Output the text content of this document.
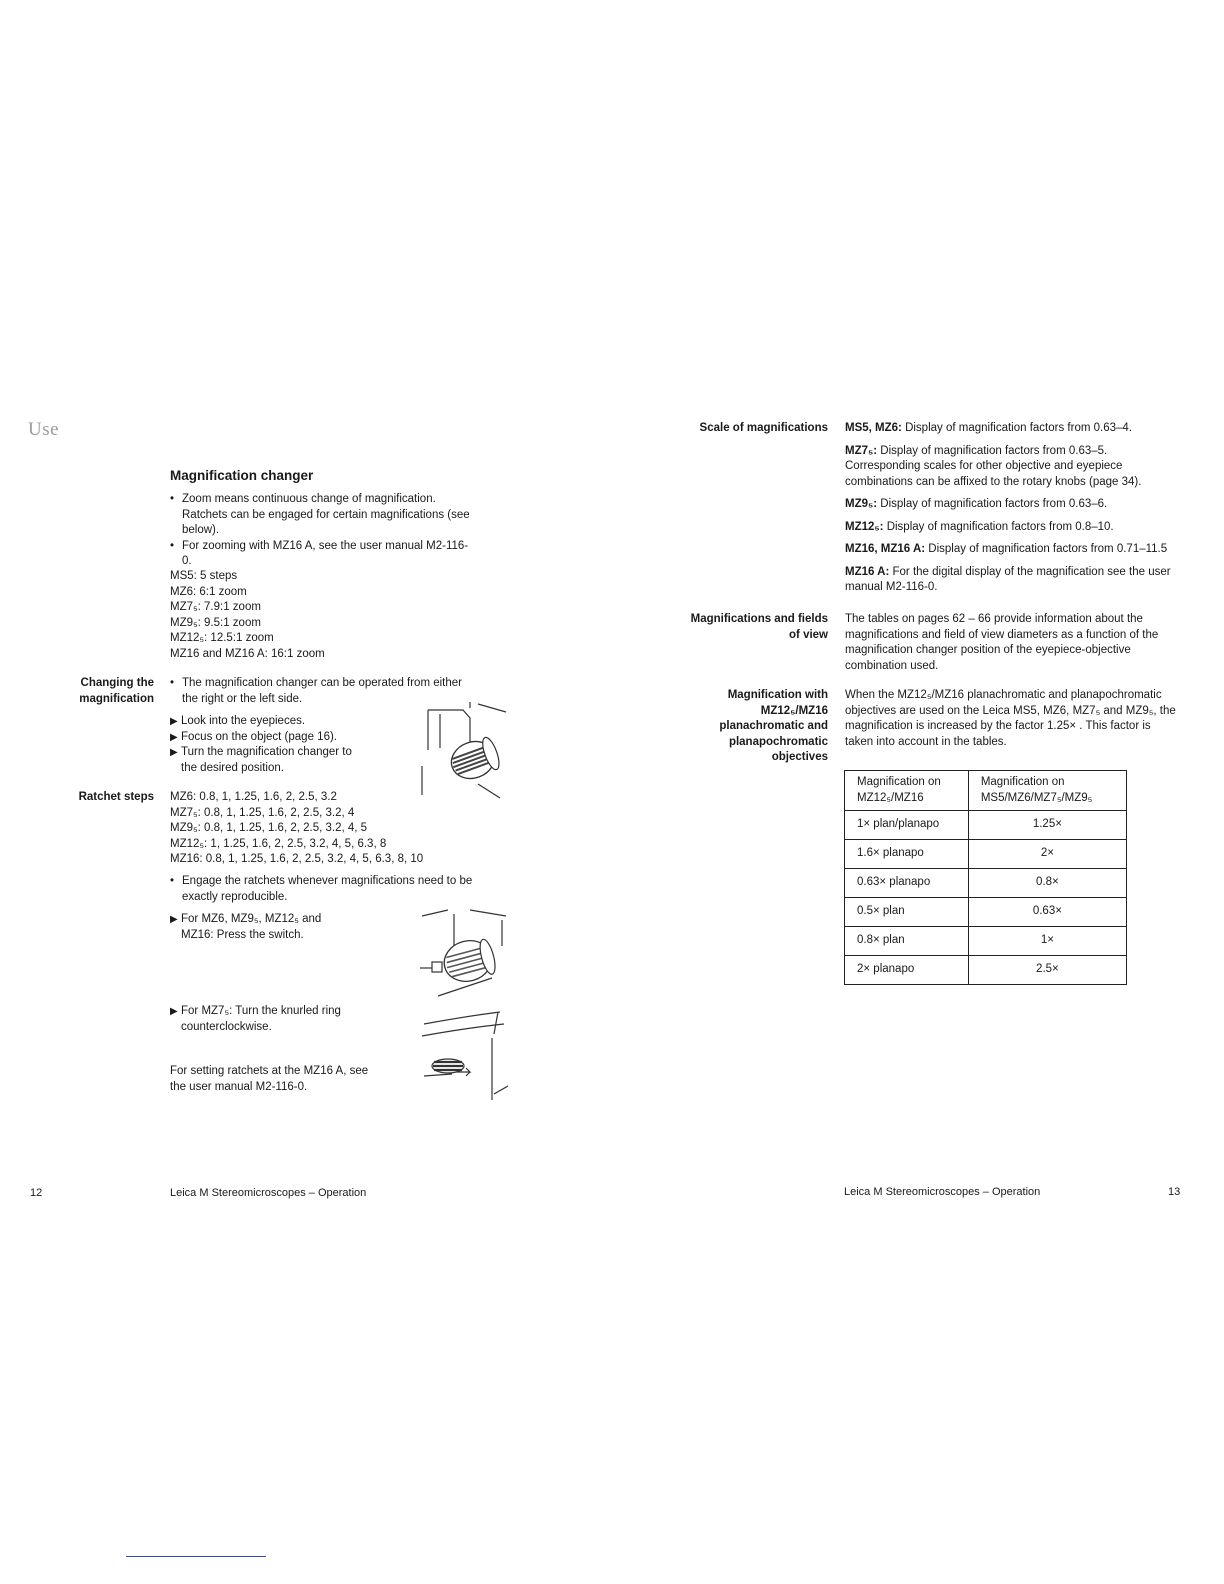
Use
Magnification changer
• Zoom means continuous change of magnification. Ratchets can be engaged for certain magnifications (see below).
• For zooming with MZ16 A, see the user manual M2-116-0.
MS5: 5 steps
MZ6: 6:1 zoom
MZ7₅: 7.9:1 zoom
MZ9₅: 9.5:1 zoom
MZ12₅: 12.5:1 zoom
MZ16 and MZ16 A: 16:1 zoom
Changing the magnification
• The magnification changer can be operated from either the right or the left side.
▶ Look into the eyepieces.
▶ Focus on the object (page 16).
▶ Turn the magnification changer to the desired position.
Ratchet steps MZ6: 0.8, 1, 1.25, 1.6, 2, 2.5, 3.2
MZ7₅: 0.8, 1, 1.25, 1.6, 2, 2.5, 3.2, 4
MZ9₅: 0.8, 1, 1.25, 1.6, 2, 2.5, 3.2, 4, 5
MZ12₅: 1, 1.25, 1.6, 2, 2.5, 3.2, 4, 5, 6.3, 8
MZ16: 0.8, 1, 1.25, 1.6, 2, 2.5, 3.2, 4, 5, 6.3, 8, 10
• Engage the ratchets whenever magnifications need to be exactly reproducible.
▶ For MZ6, MZ9₅, MZ12₅ and MZ16: Press the switch.
▶ For MZ7₅: Turn the knurled ring counterclockwise.
For setting ratchets at the MZ16 A, see the user manual M2-116-0.
Scale of magnifications MS5, MZ6: Display of magnification factors from 0.63–4.

MZ7₅: Display of magnification factors from 0.63–5. Corresponding scales for other objective and eyepiece combinations can be affixed to the rotary knobs (page 34).

MZ9₅: Display of magnification factors from 0.63–6.

MZ12₅: Display of magnification factors from 0.8–10.

MZ16, MZ16 A: Display of magnification factors from 0.71–11.5

MZ16 A: For the digital display of the magnification see the user manual M2-116-0.

Magnifications and fields of view
The tables on pages 62 – 66 provide information about the magnifications and field of view diameters as a function of the magnification changer position of the eyepiece-objective combination used.
Magnification with MZ12₅/MZ16 planachromatic and planapochromatic objectives
When the MZ12₅/MZ16 planachromatic and planapochromatic objectives are used on the Leica MS5, MZ6, MZ7₅ and MZ9₅, the magnification is increased by the factor 1.25× . This factor is taken into account in the tables.
Magnification on MZ12₅/MZ16	Magnification on MS5/MZ6/MZ7₅/MZ9₅
1× plan/planapo	1.25×
1.6× planapo	2×
0.63× planapo	0.8×
0.5× plan	0.63×
0.8× plan	1×
2× planapo	2.5×
12	Leica M Stereomicroscopes – Operation	Leica M Stereomicroscopes – Operation	13
